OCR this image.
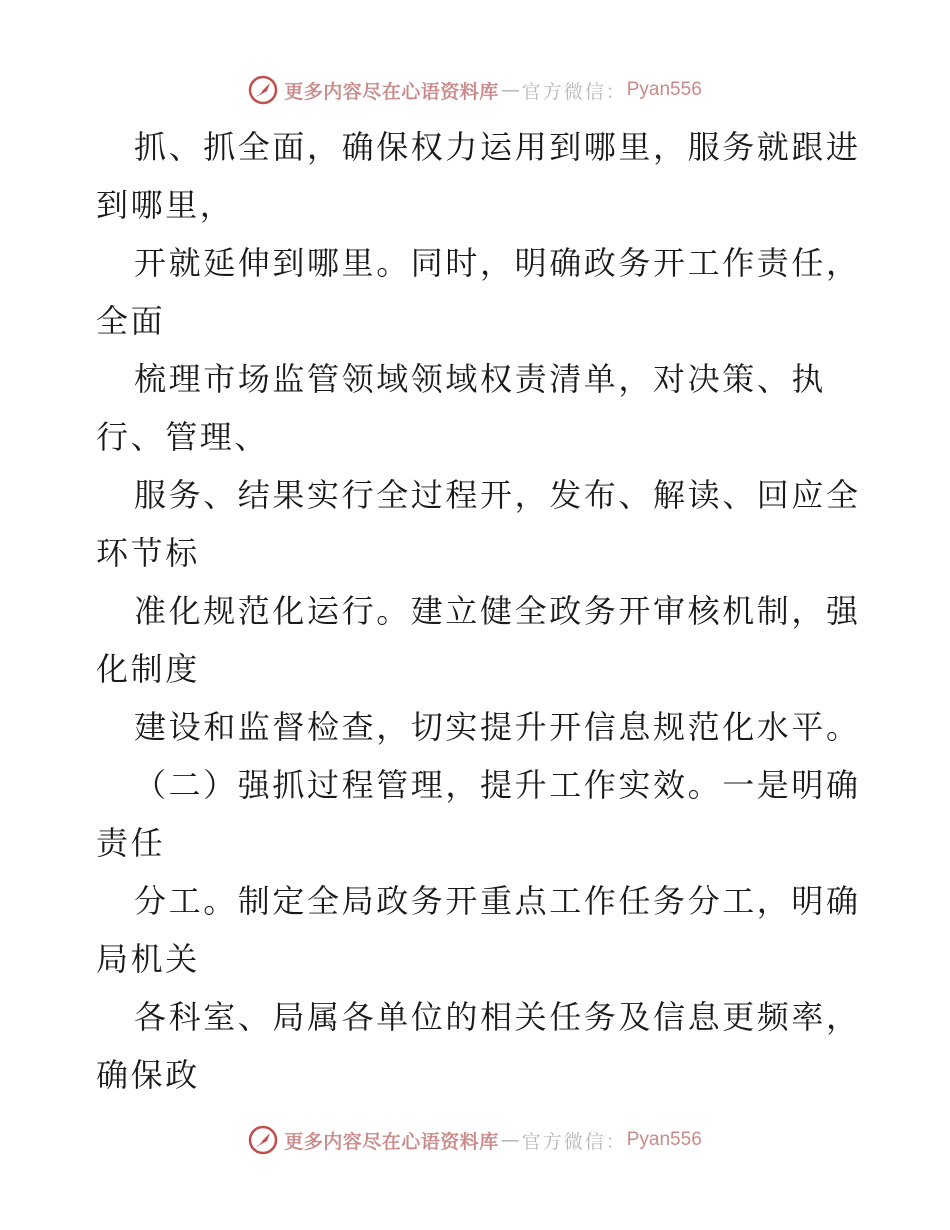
更多内容尽在心语资料库 — 官方微信： Pyan556
抓、抓全面，确保权力运用到哪里，服务就跟进
到哪里，
开就延伸到哪里。同时，明确政务开工作责任，
全面
梳理市场监管领域领域权责清单，对决策、执
行、管理、
服务、结果实行全过程开，发布、解读、回应全
环节标
准化规范化运行。建立健全政务开审核机制，强
化制度
建设和监督检查，切实提升开信息规范化水平。
（二）强抓过程管理，提升工作实效。一是明确
责任
分工。制定全局政务开重点工作任务分工，明确
局机关
各科室、局属各单位的相关任务及信息更频率，
确保政
更多内容尽在心语资料库 — 官方微信： Pyan556
